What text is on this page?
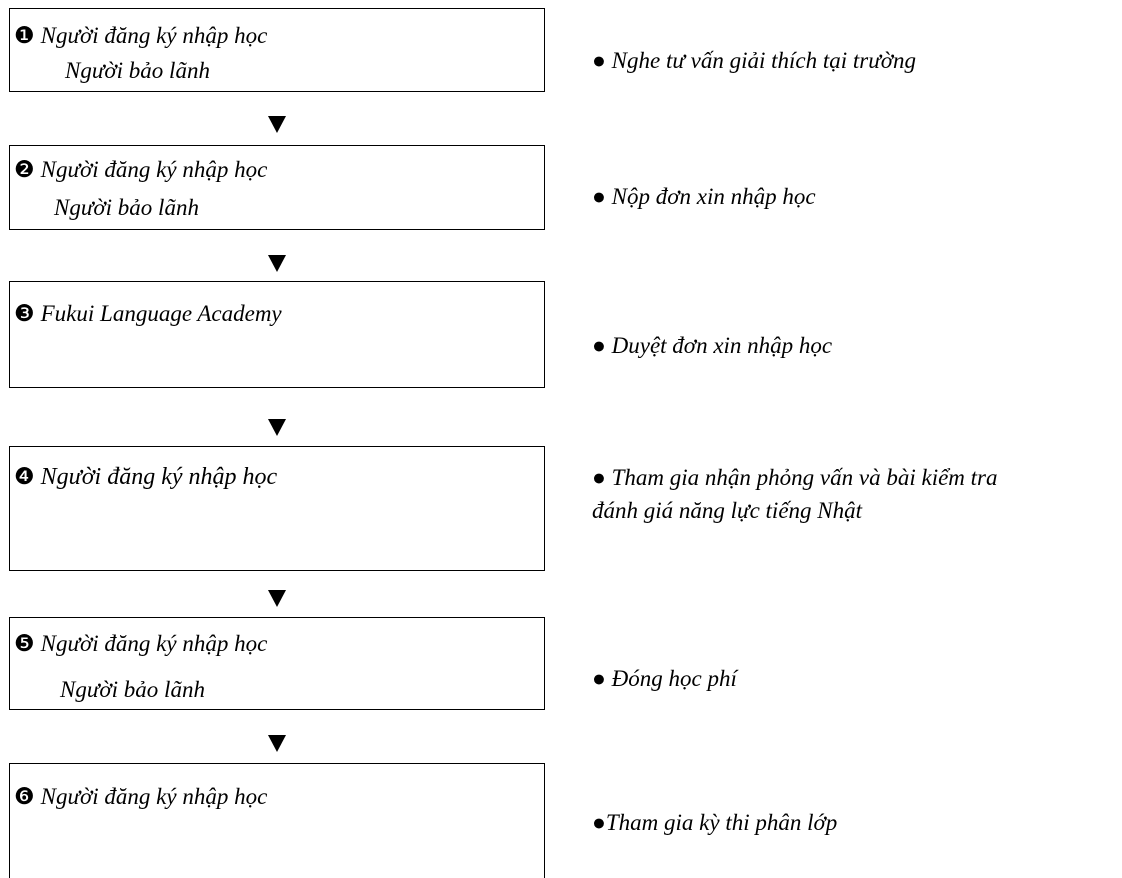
❶ Người đăng ký nhập học
Người bảo lãnh	● Nghe tư vấn giải thích tại trường
❷ Người đăng ký nhập học
Người bảo lãnh	● Nộp đơn xin nhập học
❸ Fukui Language Academy
● Duyệt đơn xin nhập học
❹ Người đăng ký nhập học	● Tham gia nhận phỏng vấn và bài kiểm tra
đánh giá năng lực tiếng Nhật
❺ Người đăng ký nhập học
Người bảo lãnh	● Đóng học phí
❻ Người đăng ký nhập học
●Tham gia kỳ thi phân lớp
